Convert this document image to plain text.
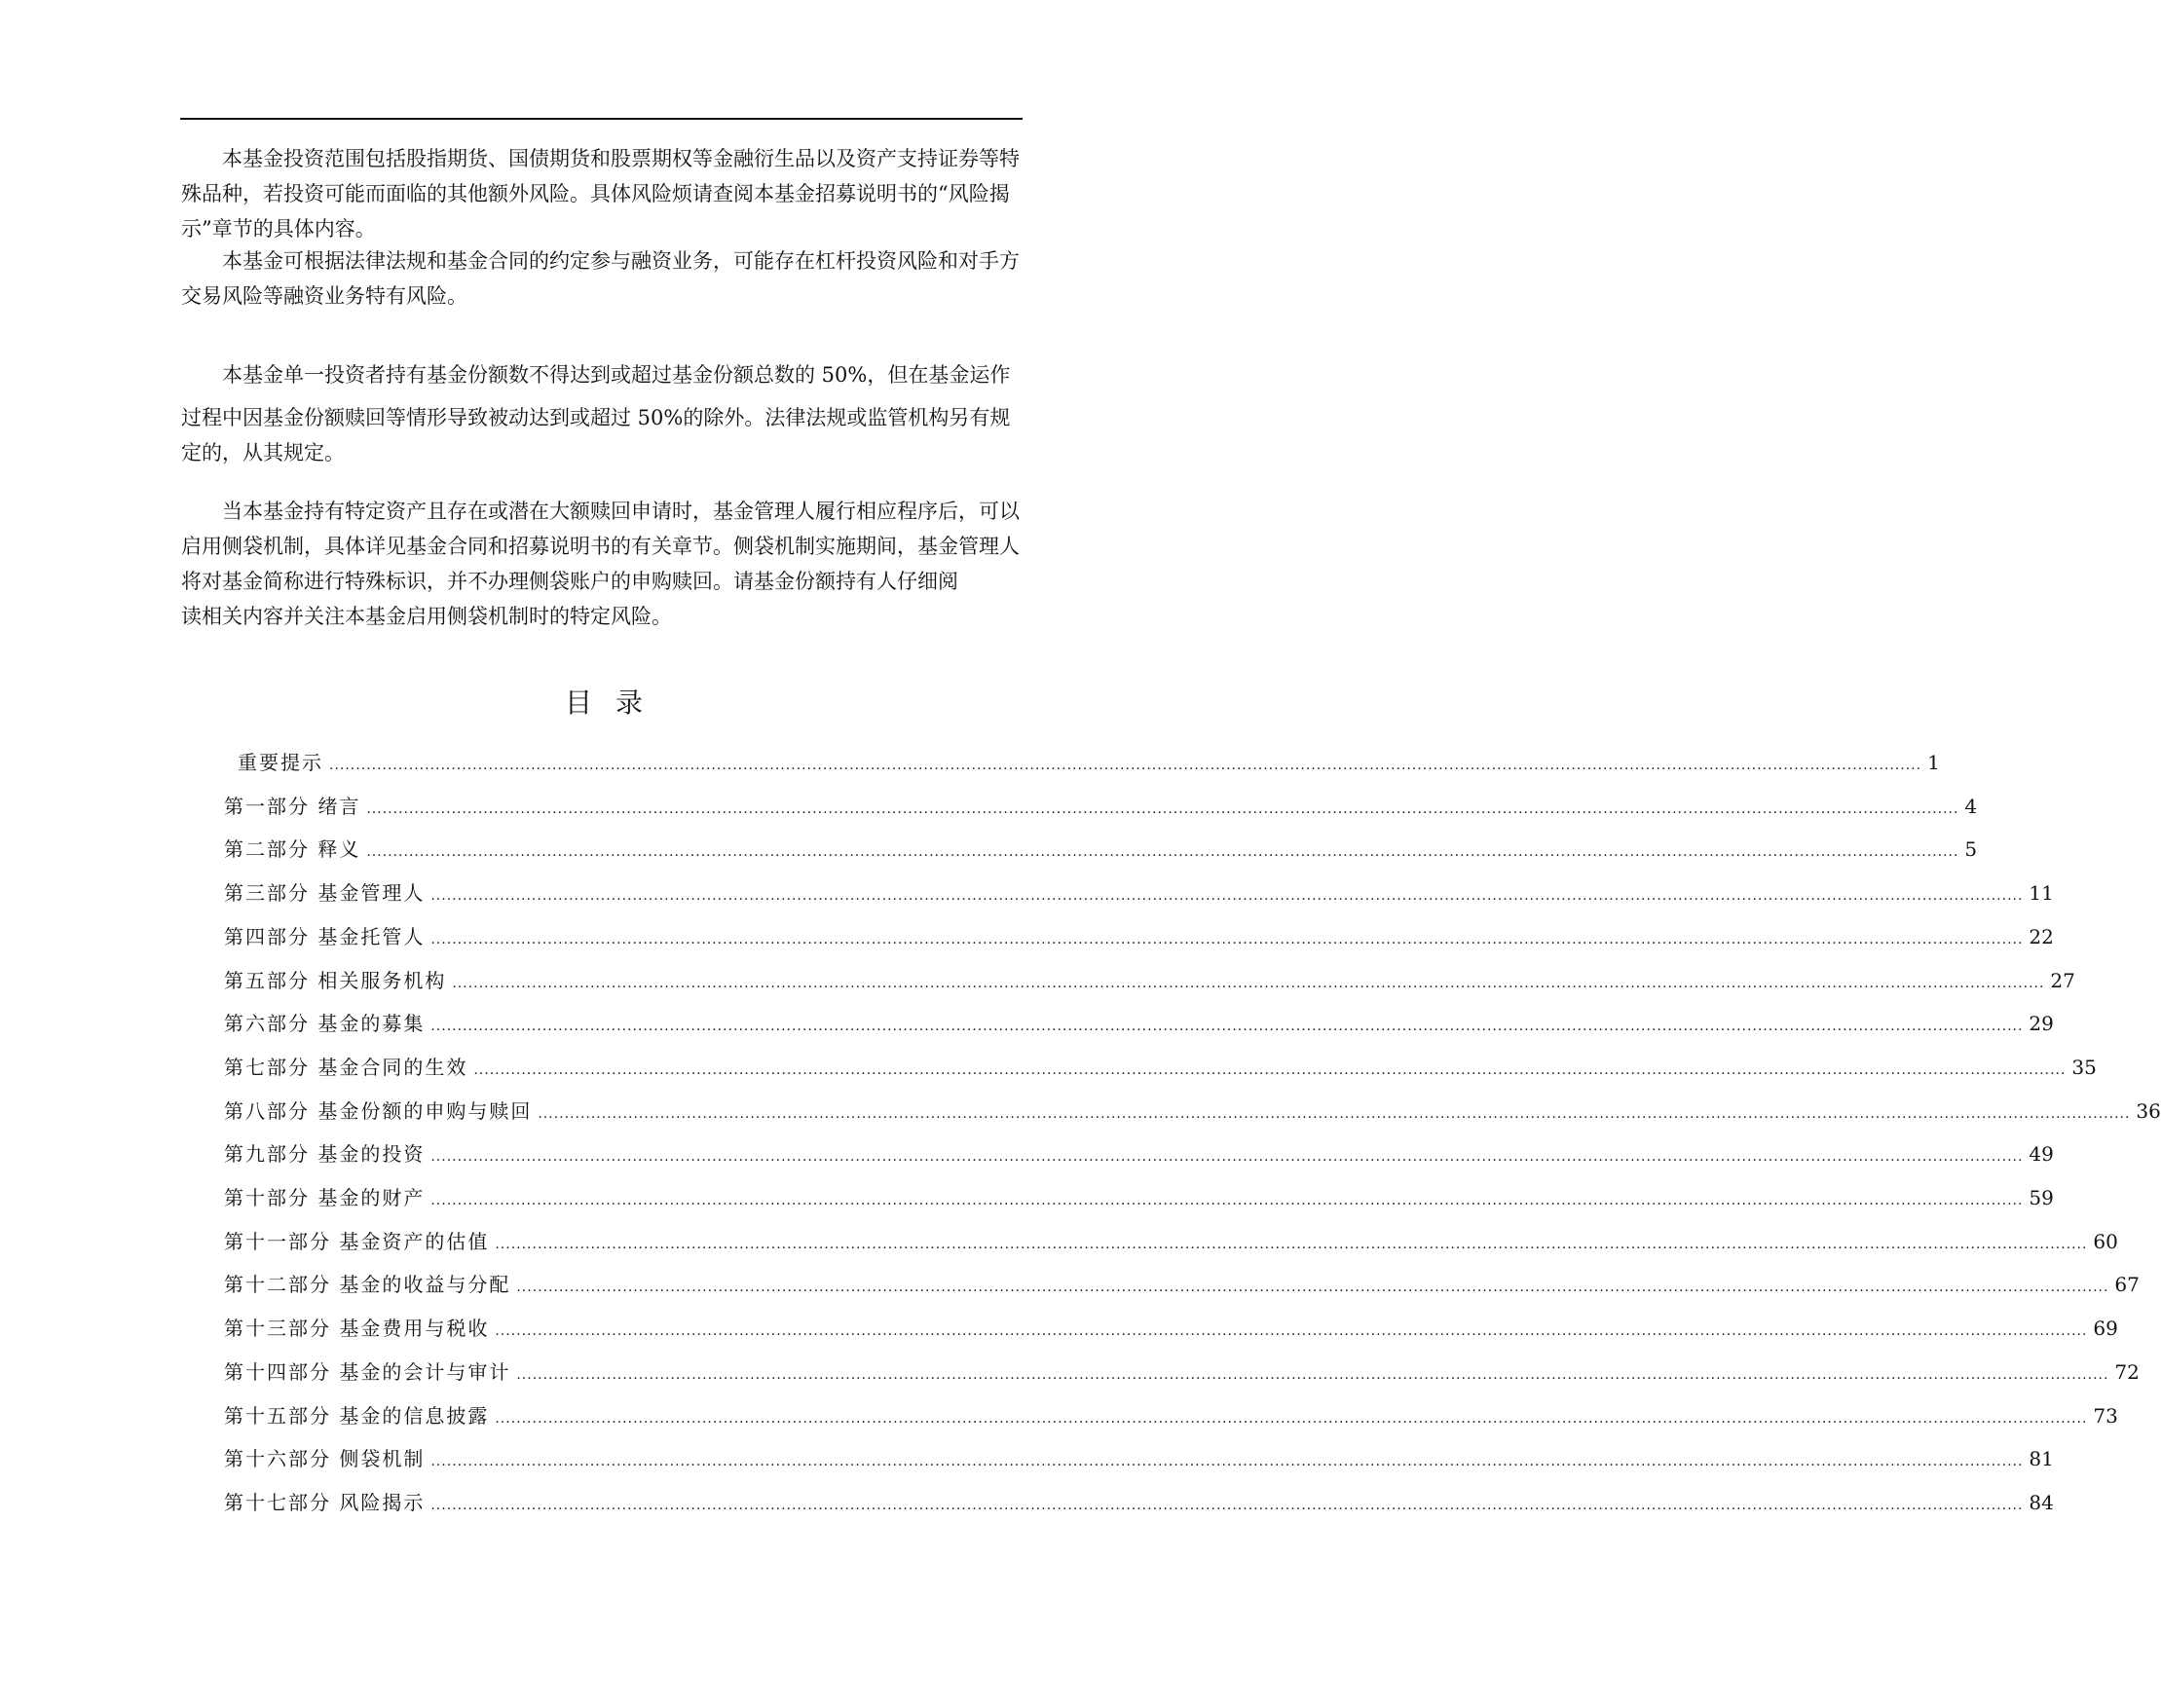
本基金投资范围包括股指期货、国债期货和股票期权等金融衍生品以及资产支持证券等特
殊品种，若投资可能而面临的其他额外风险。具体风险烦请查阅本基金招募说明书的“风险揭
示”章节的具体内容。

本基金可根据法律法规和基金合同的约定参与融资业务，可能存在杠杆投资风险和对手方
交易风险等融资业务特有风险。

本基金单一投资者持有基金份额数不得达到或超过基金份额总数的 50%，但在基金运作
过程中因基金份额赎回等情形导致被动达到或超过 50%的除外。法律法规或监管机构另有规
定的，从其规定。

当本基金持有特定资产且存在或潜在大额赎回申请时，基金管理人履行相应程序后，可以
启用侧袋机制，具体详见基金合同和招募说明书的有关章节。侧袋机制实施期间，基金管理人
将对基金简称进行特殊标识，并不办理侧袋账户的申购赎回。请基金份额持有人仔细阅
读相关内容并关注本基金启用侧袋机制时的特定风险。

目录
重要提示 ............................................................................................................................................................................................................................................................................................................ 1
第一部分 绪言 ............................................................................................................................................................................................................................................................................................................ 4
第二部分 释义 ............................................................................................................................................................................................................................................................................................................ 5
第三部分 基金管理人 ............................................................................................................................................................................................................................................................................................................ 11
第四部分 基金托管人 ............................................................................................................................................................................................................................................................................................................ 22
第五部分 相关服务机构 ............................................................................................................................................................................................................................................................................................................ 27
第六部分 基金的募集 ............................................................................................................................................................................................................................................................................................................ 29
第七部分 基金合同的生效 ............................................................................................................................................................................................................................................................................................................ 35
第八部分 基金份额的申购与赎回 ............................................................................................................................................................................................................................................................................................................ 36
第九部分 基金的投资 ............................................................................................................................................................................................................................................................................................................ 49
第十部分 基金的财产 ............................................................................................................................................................................................................................................................................................................ 59
第十一部分 基金资产的估值 ............................................................................................................................................................................................................................................................................................................ 60
第十二部分 基金的收益与分配 ............................................................................................................................................................................................................................................................................................................ 67
第十三部分 基金费用与税收 ............................................................................................................................................................................................................................................................................................................ 69
第十四部分 基金的会计与审计 ............................................................................................................................................................................................................................................................................................................ 72
第十五部分 基金的信息披露 ............................................................................................................................................................................................................................................................................................................ 73
第十六部分 侧袋机制 ............................................................................................................................................................................................................................................................................................................ 81
第十七部分 风险揭示 ............................................................................................................................................................................................................................................................................................................ 84
